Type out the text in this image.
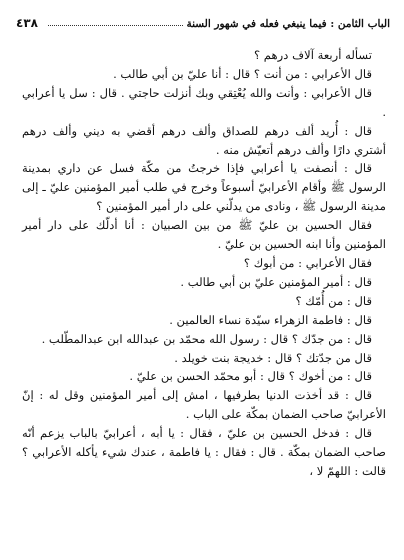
٤٣٨	الباب الثامن : فيما ينبغي فعله في شهور السنة

تسأله أربعة آلاف درهم ؟

قال الأعرابي : من أنت ؟ قال : أنا عليّ بن أبي طالب .

قال الأعرابي : وأنت والله يُعْتِقي وبك أنزلت حاجتي . قال : سل يا أعرابي .

قال : أُريد ألف درهم للصداق وألف درهم أقضي به ديني وألف درهم أشتري دارًا وألف درهم أتعيّش منه .

قال : أنصفت يا أعرابي فإذا خرجتُ من مكّة فسل عن داري بمدينة الرسول ﷺ وأقام الأعرابيّ أسبوعاً وخرج في طلب أمير المؤمنين عليّ ـ إلى مدينة الرسول ﷺ ، ونادى من يدلّني على دار أمير المؤمنين ؟

فقال الحسين بن عليّ ﷺ من بين الصبيان : أنا أدلّك على دار أمير المؤمنين وأنا ابنه الحسين بن عليّ .

فقال الأعرابي : من أبوك ؟

قال : أمير المؤمنين عليّ بن أبي طالب .

قال : من أُمّك ؟

قال : فاطمة الزهراء سيّدة نساء العالمين .

قال : من جدّك ؟ قال : رسول الله محمّد بن عبدالله ابن عبدالمطّلب .

قال من جدّتك ؟ قال : خديجة بنت خويلد .

قال : من أخوك ؟ قال : أبو محمّد الحسن بن عليّ .

قال : قد أخذت الدنيا بطرفيها ، امش إلى أمير المؤمنين وقل له : إنّ الأعرابيّ صاحب الضمان بمكّة على الباب .

قال : فدخل الحسين بن عليّ ، فقال : يا أبه ، أعرابيّ بالباب يزعم أنّه صاحب الضمان بمكّة . قال : فقال : يا فاطمة ، عندك شيء يأكله الأعرابي ؟ قالت : اللهمّ لا ،
